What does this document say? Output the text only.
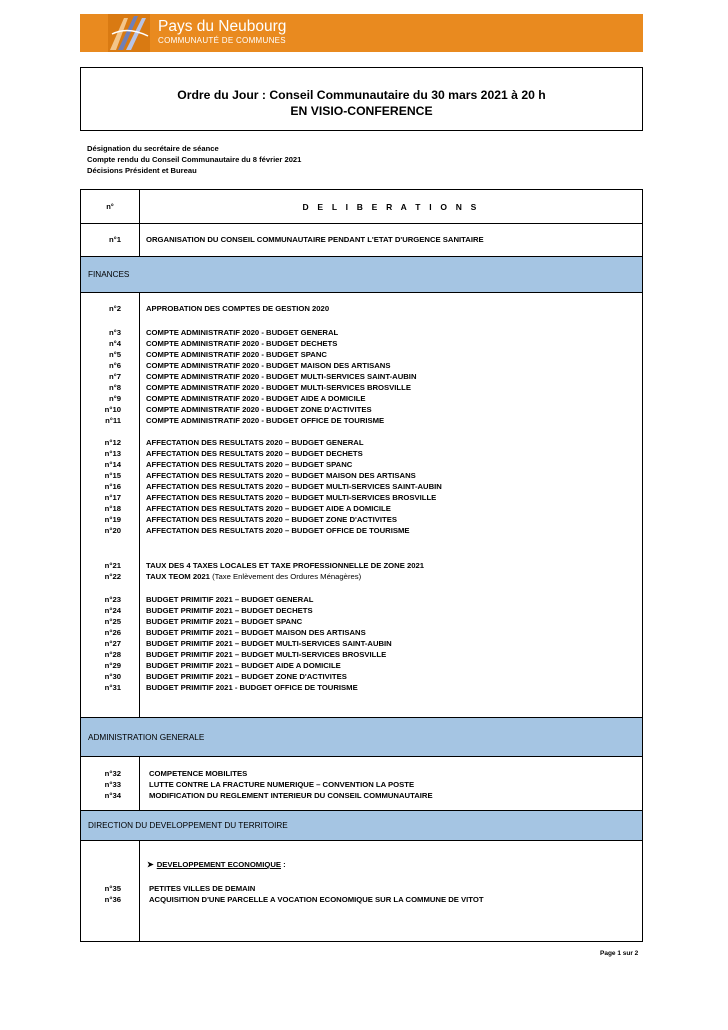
Pays du Neubourg
COMMUNAUTÉ DE COMMUNES
Ordre du Jour : Conseil Communautaire du 30 mars 2021 à 20 h
EN VISIO-CONFERENCE
Désignation du secrétaire de séance
Compte rendu du Conseil Communautaire du 8 février 2021
Décisions Président et Bureau
n°	D E L I B E R A T I O N S
n°1	ORGANISATION DU CONSEIL COMMUNAUTAIRE PENDANT L'ETAT D'URGENCE SANITAIRE
FINANCES
n°2	APPROBATION DES COMPTES DE GESTION 2020
n°3	COMPTE ADMINISTRATIF 2020 - BUDGET GENERAL
n°4	COMPTE ADMINISTRATIF 2020 - BUDGET DECHETS
n°5	COMPTE ADMINISTRATIF 2020 - BUDGET SPANC
n°6	COMPTE ADMINISTRATIF 2020 - BUDGET MAISON DES ARTISANS
n°7	COMPTE ADMINISTRATIF 2020 - BUDGET MULTI-SERVICES SAINT-AUBIN
n°8	COMPTE ADMINISTRATIF 2020 - BUDGET MULTI-SERVICES BROSVILLE
n°9	COMPTE ADMINISTRATIF 2020 - BUDGET AIDE A DOMICILE
n°10	COMPTE ADMINISTRATIF 2020 - BUDGET ZONE D'ACTIVITES
n°11	COMPTE ADMINISTRATIF 2020 - BUDGET OFFICE DE TOURISME
n°12	AFFECTATION DES RESULTATS 2020 – BUDGET GENERAL
n°13	AFFECTATION DES RESULTATS 2020 – BUDGET DECHETS
n°14	AFFECTATION DES RESULTATS 2020 – BUDGET SPANC
n°15	AFFECTATION DES RESULTATS 2020 – BUDGET MAISON DES ARTISANS
n°16	AFFECTATION DES RESULTATS 2020 – BUDGET MULTI-SERVICES SAINT-AUBIN
n°17	AFFECTATION DES RESULTATS 2020 – BUDGET MULTI-SERVICES BROSVILLE
n°18	AFFECTATION DES RESULTATS 2020 – BUDGET AIDE A DOMICILE
n°19	AFFECTATION DES RESULTATS 2020 – BUDGET ZONE D'ACTIVITES
n°20	AFFECTATION DES RESULTATS 2020 – BUDGET OFFICE DE TOURISME
n°21	TAUX DES 4 TAXES LOCALES ET TAXE PROFESSIONNELLE DE ZONE 2021
n°22	TAUX TEOM 2021 (Taxe Enlèvement des Ordures Ménagères)
n°23	BUDGET PRIMITIF 2021 – BUDGET GENERAL
n°24	BUDGET PRIMITIF 2021 – BUDGET DECHETS
n°25	BUDGET PRIMITIF 2021 – BUDGET SPANC
n°26	BUDGET PRIMITIF 2021 – BUDGET MAISON DES ARTISANS
n°27	BUDGET PRIMITIF 2021 – BUDGET MULTI-SERVICES SAINT-AUBIN
n°28	BUDGET PRIMITIF 2021 – BUDGET MULTI-SERVICES BROSVILLE
n°29	BUDGET PRIMITIF 2021 – BUDGET AIDE A DOMICILE
n°30	BUDGET PRIMITIF 2021 – BUDGET ZONE D'ACTIVITES
n°31	BUDGET PRIMITIF 2021 - BUDGET OFFICE DE TOURISME
ADMINISTRATION GENERALE
n°32	COMPETENCE MOBILITES
n°33	LUTTE CONTRE LA FRACTURE NUMERIQUE – CONVENTION LA POSTE
n°34	MODIFICATION DU REGLEMENT INTERIEUR DU CONSEIL COMMUNAUTAIRE
DIRECTION DU DEVELOPPEMENT DU TERRITOIRE
➤ DEVELOPPEMENT ECONOMIQUE :
n°35	PETITES VILLES DE DEMAIN
n°36	ACQUISITION D'UNE PARCELLE A VOCATION ECONOMIQUE SUR LA COMMUNE DE VITOT
Page 1 sur 2
